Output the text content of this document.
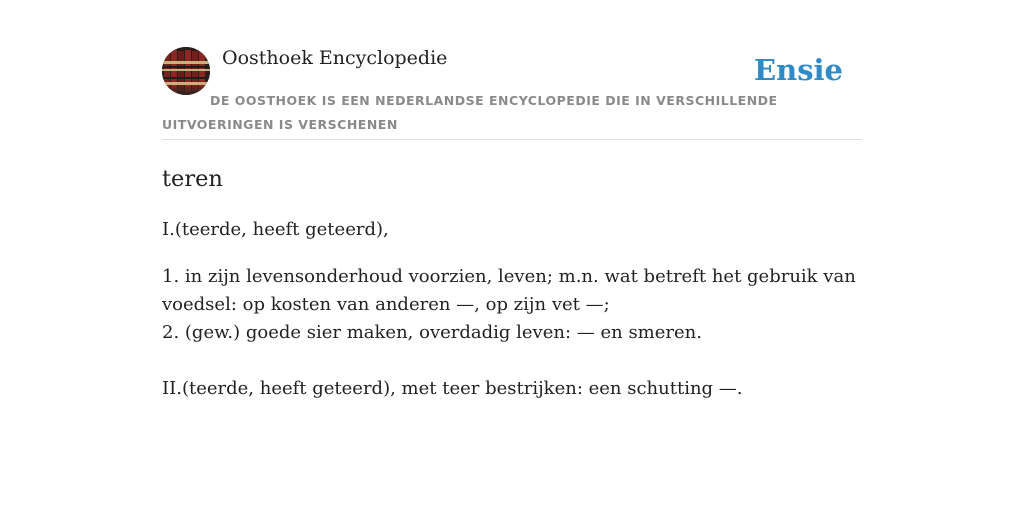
Oosthoek Encyclopedie	Ensie

DE OOSTHOEK IS EEN NEDERLANDSE ENCYCLOPEDIE DIE IN VERSCHILLENDE UITVOERINGEN IS VERSCHENEN

teren

I.(teerde, heeft geteerd),

1. in zijn levensonderhoud voorzien, leven; m.n. wat betreft het gebruik van voedsel: op kosten van anderen —, op zijn vet —;
2. (gew.) goede sier maken, overdadig leven: — en smeren.

II.(teerde, heeft geteerd), met teer bestrijken: een schutting —.
